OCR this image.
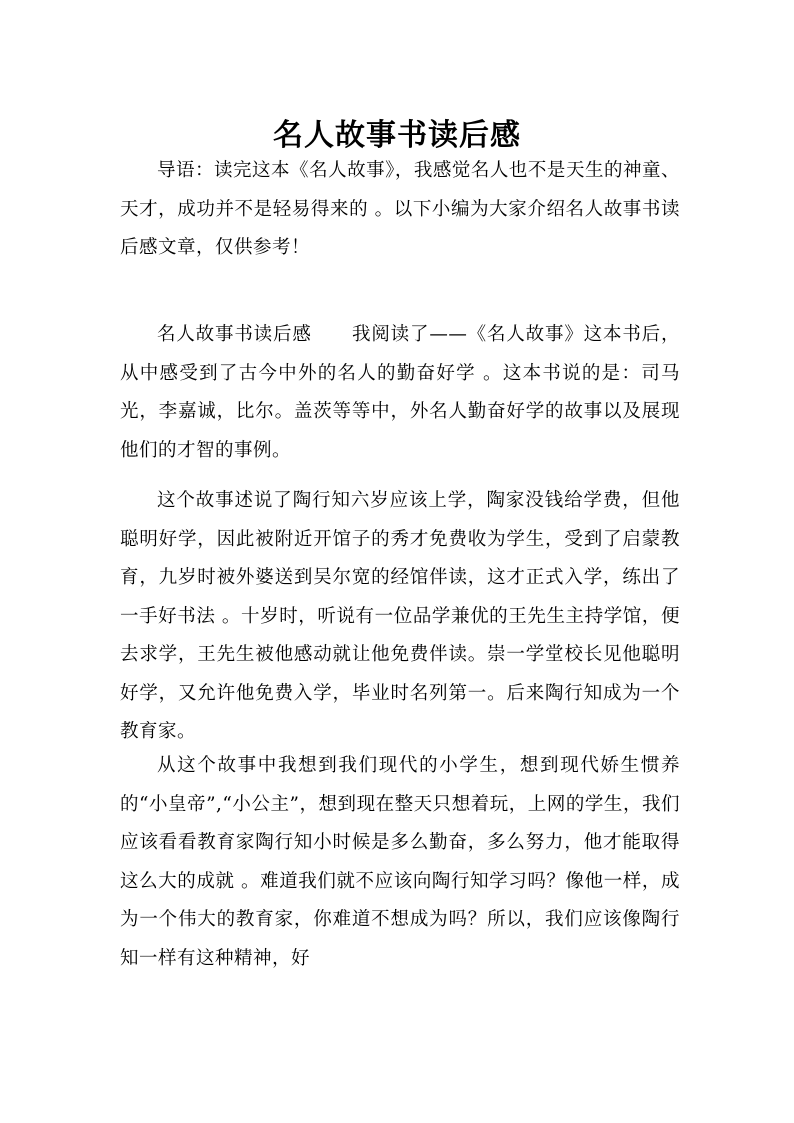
名人故事书读后感

导语：读完这本《名人故事》，我感觉名人也不是天生的神童、天才，成功并不是轻易得来的 。以下小编为大家介绍名人故事书读后感文章，仅供参考！

名人故事书读后感 我阅读了——《名人故事》这本书后，从中感受到了古今中外的名人的勤奋好学 。这本书说的是：司马光，李嘉诚，比尔。盖茨等等中，外名人勤奋好学的故事以及展现他们的才智的事例。

这个故事述说了陶行知六岁应该上学，陶家没钱给学费，但他聪明好学，因此被附近开馆子的秀才免费收为学生，受到了启蒙教育，九岁时被外婆送到吴尔宽的经馆伴读，这才正式入学，练出了一手好书法 。十岁时，听说有一位品学兼优的王先生主持学馆，便去求学，王先生被他感动就让他免费伴读。崇一学堂校长见他聪明好学，又允许他免费入学，毕业时名列第一。后来陶行知成为一个教育家。

从这个故事中我想到我们现代的小学生，想到现代娇生惯养的“小皇帝”,“小公主”，想到现在整天只想着玩，上网的学生，我们应该看看教育家陶行知小时候是多么勤奋，多么努力，他才能取得这么大的成就 。难道我们就不应该向陶行知学习吗？像他一样，成为一个伟大的教育家，你难道不想成为吗？所以，我们应该像陶行知一样有这种精神，好
